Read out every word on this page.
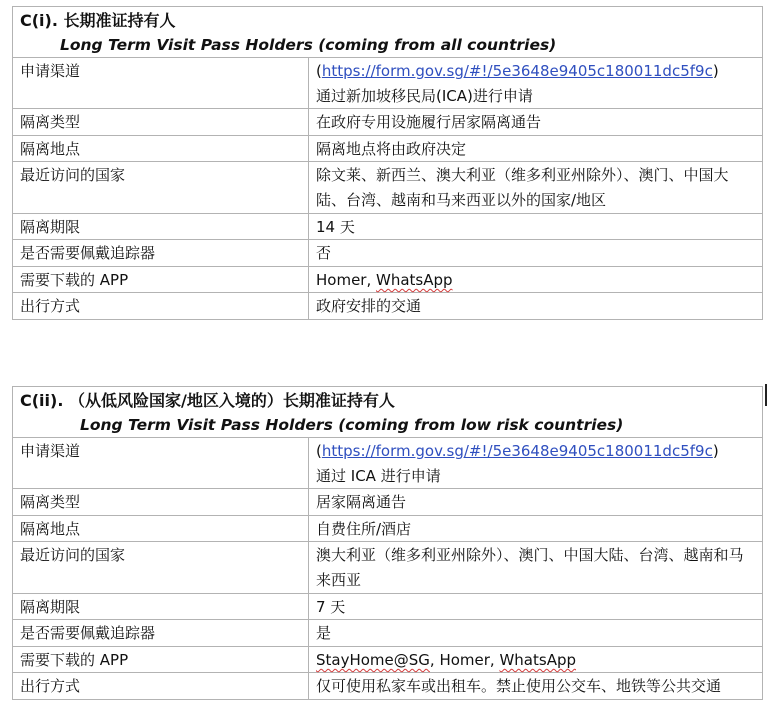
C(i). 长期准证持有人
Long Term Visit Pass Holders (coming from all countries)	

申请渠道	(https://form.gov.sg/#!/5e3648e9405c180011dc5f9c)
通过新加坡移民局(ICA)进行申请
隔离类型	在政府专用设施履行居家隔离通告
隔离地点	隔离地点将由政府决定
最近访问的国家	除文莱、新西兰、澳大利亚（维多利亚州除外）、澳门、中国大陆、台湾、越南和马来西亚以外的国家/地区
隔离期限	14 天
是否需要佩戴追踪器	否
需要下载的 APP	Homer, WhatsApp
出行方式	政府安排的交通
C(ii). （从低风险国家/地区入境的）长期准证持有人
Long Term Visit Pass Holders (coming from low risk countries)	

申请渠道	(https://form.gov.sg/#!/5e3648e9405c180011dc5f9c)
通过 ICA 进行申请
隔离类型	居家隔离通告
隔离地点	自费住所/酒店
最近访问的国家	澳大利亚（维多利亚州除外）、澳门、中国大陆、台湾、越南和马来西亚
隔离期限	7 天
是否需要佩戴追踪器	是
需要下载的 APP	StayHome@SG, Homer, WhatsApp
出行方式	仅可使用私家车或出租车。禁止使用公交车、地铁等公共交通
